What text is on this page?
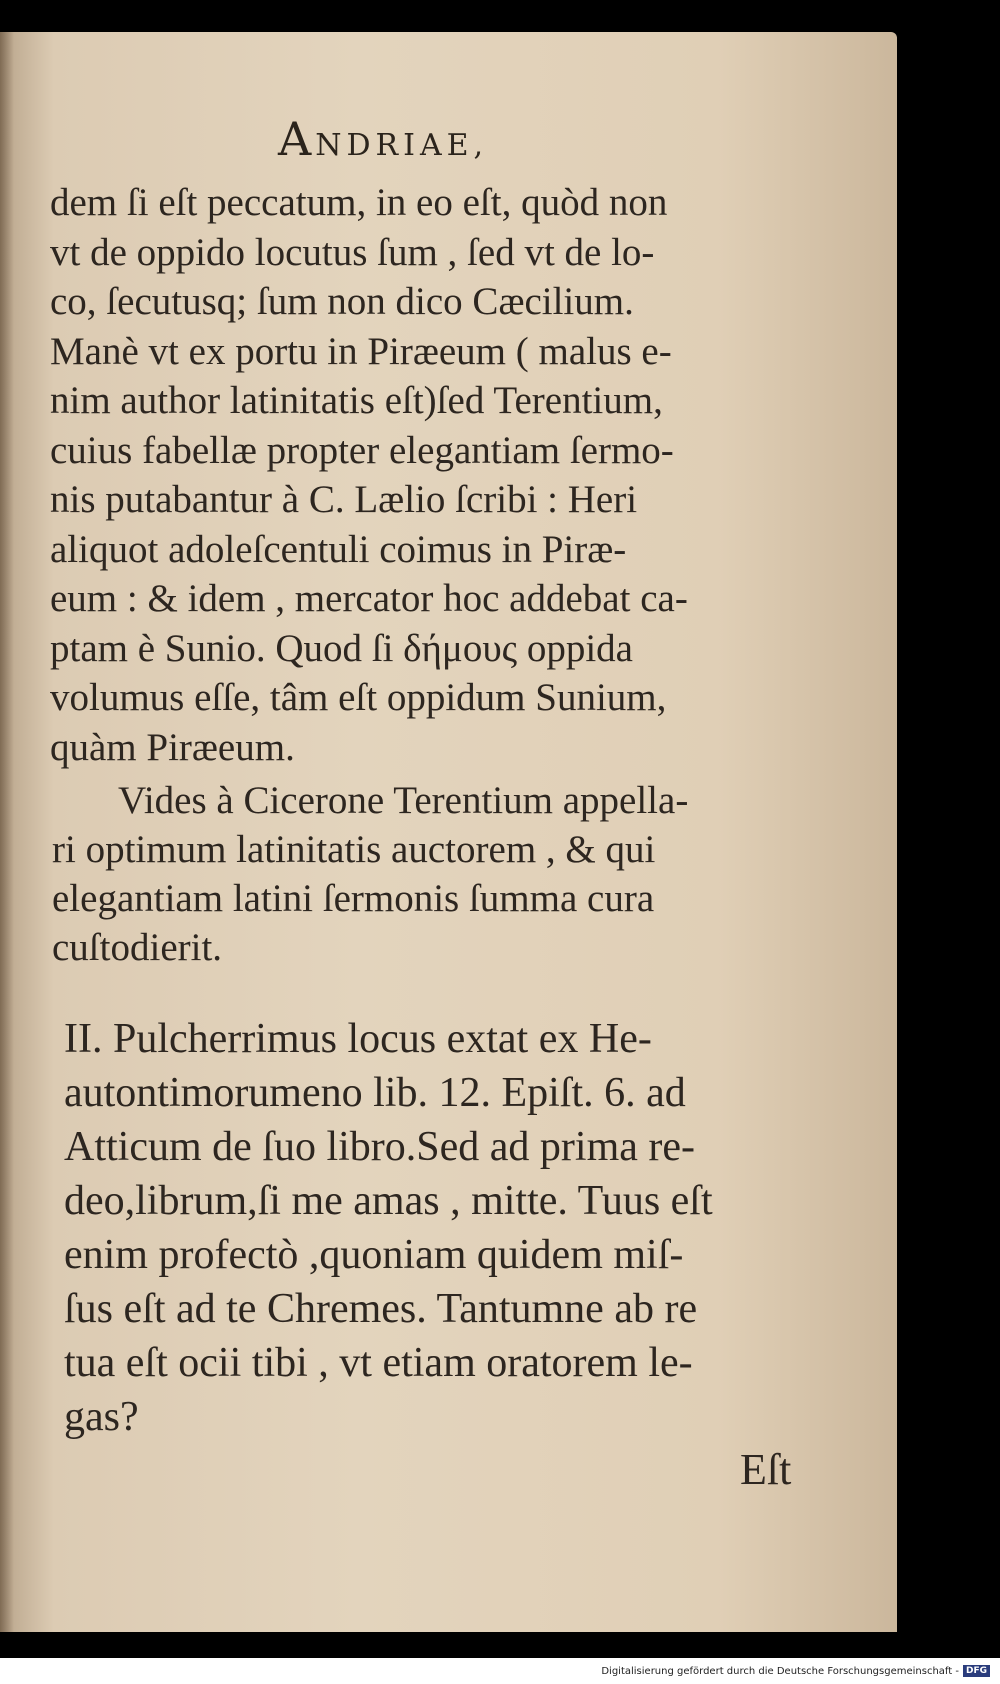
ANDRIAE,
dem ſi eſt peccatum, in eo eſt, quòd non
vt de oppido locutus ſum , ſed vt de lo-
co, ſecutusq; ſum non dico Cæcilium.
Manè vt ex portu in Piræeum ( malus e-
nim author latinitatis eſt)ſed Terentium,
cuius fabellæ propter elegantiam ſermo-
nis putabantur à C. Lælio ſcribi : Heri
aliquot adoleſcentuli coimus in Piræ-
eum : & idem , mercator hoc addebat ca-
ptam è Sunio. Quod ſi δήμους oppida
volumus eſſe, tâm eſt oppidum Sunium,
quàm Piræeum.
Vides à Cicerone Terentium appella-
ri optimum latinitatis auctorem , & qui
elegantiam latini ſermonis ſumma cura
cuſtodierit.
II. Pulcherrimus locus extat ex He-
autontimorumeno lib. 12. Epiſt. 6. ad
Atticum de ſuo libro.Sed ad prima re-
deo,librum,ſi me amas , mitte. Tuus eſt
enim profectò ,quoniam quidem miſ-
ſus eſt ad te Chremes. Tantumne ab re
tua eſt ocii tibi , vt etiam oratorem le-
gas?
Eſt
Digitalisierung gefördert durch die Deutsche Forschungsgemeinschaft - DFG
